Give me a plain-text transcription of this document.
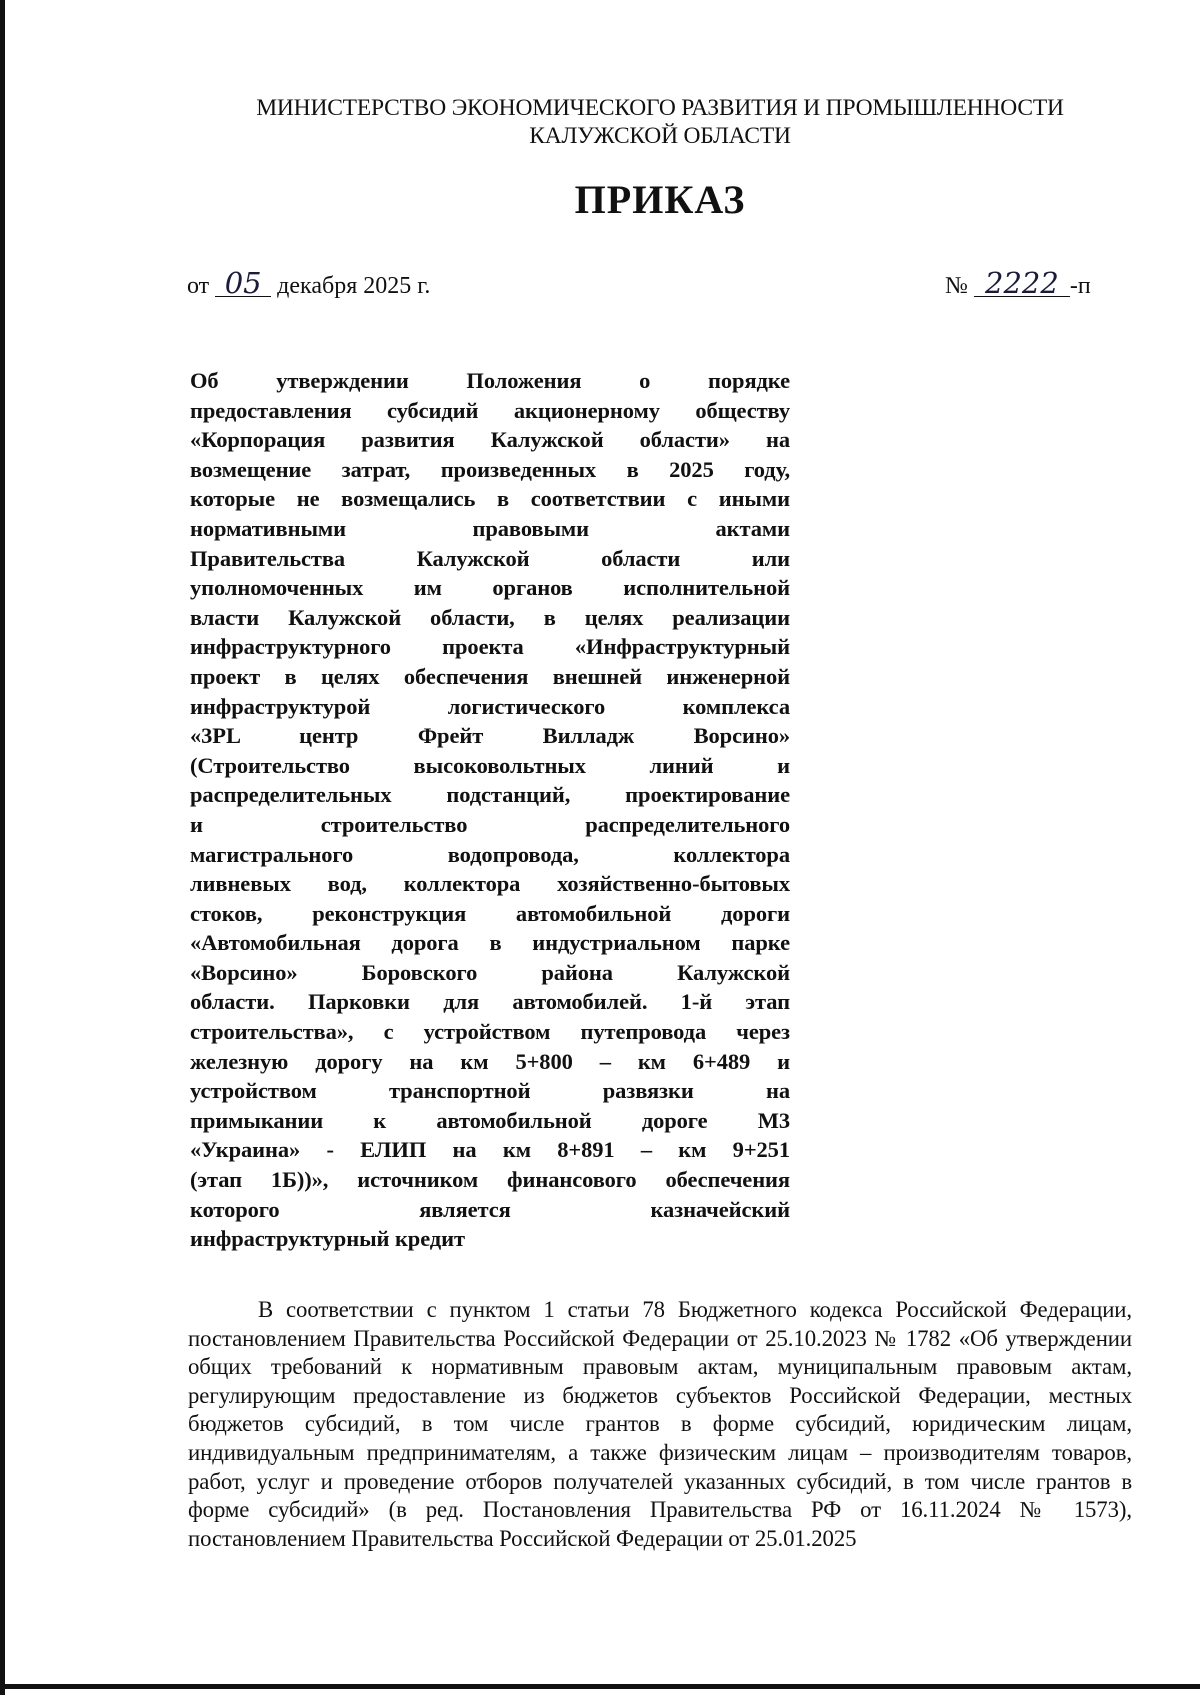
МИНИСТЕРСТВО ЭКОНОМИЧЕСКОГО РАЗВИТИЯ И ПРОМЫШЛЕННОСТИ
КАЛУЖСКОЙ ОБЛАСТИ
ПРИКАЗ
от 05 декабря 2025 г.	№ 2222 -п
Об утверждении Положения о порядке
предоставления субсидий акционерному обществу
«Корпорация развития Калужской области» на
возмещение затрат, произведенных в 2025 году,
которые не возмещались в соответствии с иными
нормативными правовыми актами
Правительства Калужской области или
уполномоченных им органов исполнительной
власти Калужской области, в целях реализации
инфраструктурного проекта «Инфраструктурный
проект в целях обеспечения внешней инженерной
инфраструктурой логистического комплекса
«3PL центр Фрейт Вилладж Ворсино»
(Строительство высоковольтных линий и
распределительных подстанций, проектирование
и строительство распределительного
магистрального водопровода, коллектора
ливневых вод, коллектора хозяйственно-бытовых
стоков, реконструкция автомобильной дороги
«Автомобильная дорога в индустриальном парке
«Ворсино» Боровского района Калужской
области. Парковки для автомобилей. 1-й этап
строительства», с устройством путепровода через
железную дорогу на км 5+800 – км 6+489 и
устройством транспортной развязки на
примыкании к автомобильной дороге М3
«Украина» - ЕЛИП на км 8+891 – км 9+251
(этап 1Б))», источником финансового обеспечения
которого является казначейский
инфраструктурный кредит
В соответствии с пунктом 1 статьи 78 Бюджетного кодекса Российской Федерации, постановлением Правительства Российской Федерации от 25.10.2023 № 1782 «Об утверждении общих требований к нормативным правовым актам, муниципальным правовым актам, регулирующим предоставление из бюджетов субъектов Российской Федерации, местных бюджетов субсидий, в том числе грантов в форме субсидий, юридическим лицам, индивидуальным предпринимателям, а также физическим лицам – производителям товаров, работ, услуг и проведение отборов получателей указанных субсидий, в том числе грантов в форме субсидий» (в ред. Постановления Правительства РФ от 16.11.2024 № 1573), постановлением Правительства Российской Федерации от 25.01.2025
